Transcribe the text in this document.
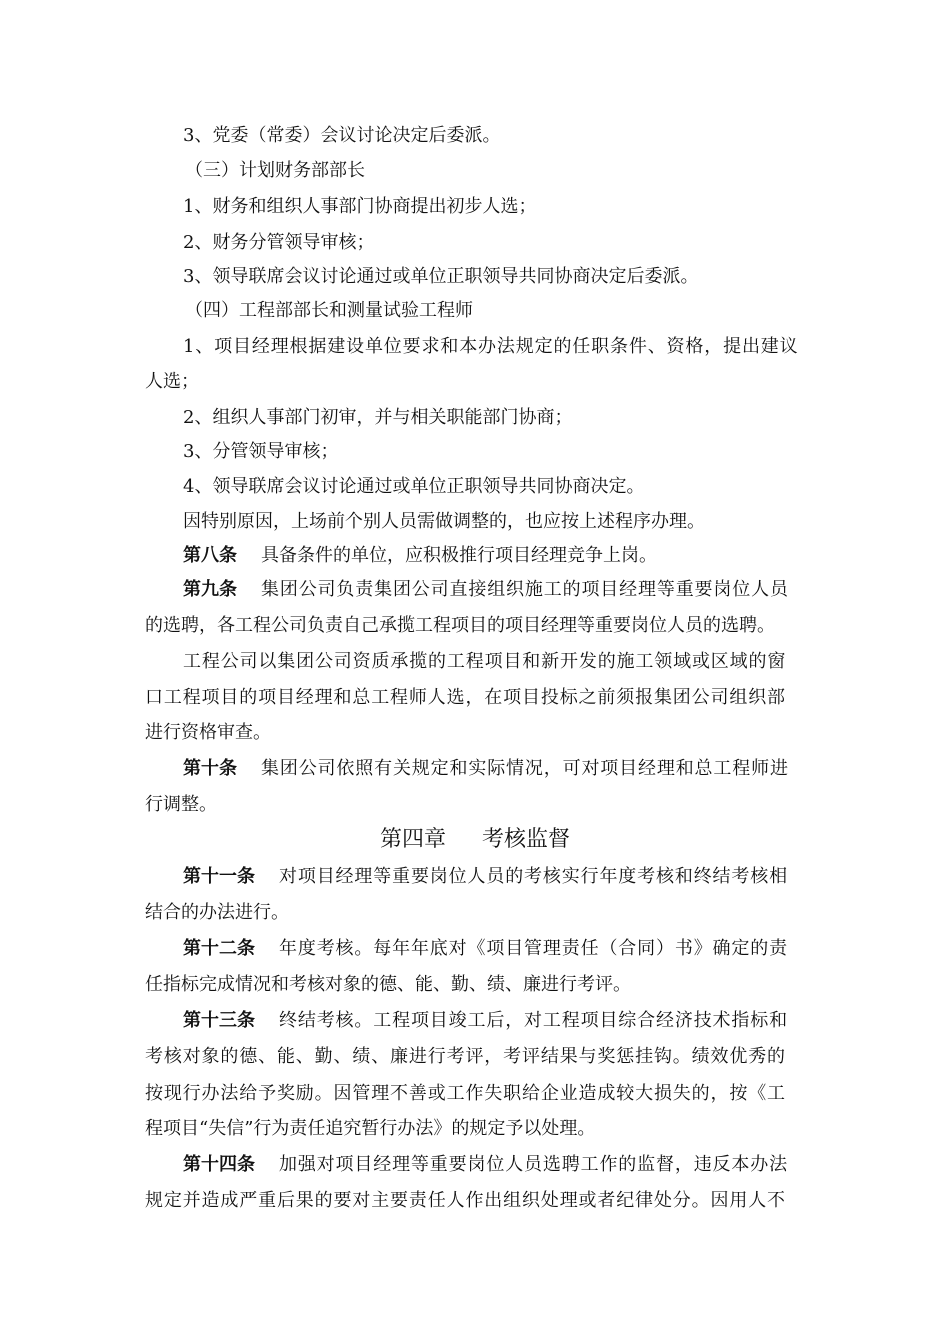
3、党委（常委）会议讨论决定后委派。
（三）计划财务部部长
1、财务和组织人事部门协商提出初步人选；
2、财务分管领导审核；
3、领导联席会议讨论通过或单位正职领导共同协商决定后委派。
（四）工程部部长和测量试验工程师
1、项目经理根据建设单位要求和本办法规定的任职条件、资格，提出建议
人选；
2、组织人事部门初审，并与相关职能部门协商；
3、分管领导审核；
4、领导联席会议讨论通过或单位正职领导共同协商决定。
因特别原因，上场前个别人员需做调整的，也应按上述程序办理。
第八条 具备条件的单位，应积极推行项目经理竞争上岗。
第九条 集团公司负责集团公司直接组织施工的项目经理等重要岗位人员
的选聘，各工程公司负责自己承揽工程项目的项目经理等重要岗位人员的选聘。
工程公司以集团公司资质承揽的工程项目和新开发的施工领域或区域的窗
口工程项目的项目经理和总工程师人选，在项目投标之前须报集团公司组织部
进行资格审查。
第十条 集团公司依照有关规定和实际情况，可对项目经理和总工程师进
行调整。
第四章 考核监督
第十一条 对项目经理等重要岗位人员的考核实行年度考核和终结考核相
结合的办法进行。
第十二条 年度考核。每年年底对《项目管理责任（合同）书》确定的责
任指标完成情况和考核对象的德、能、勤、绩、廉进行考评。
第十三条 终结考核。工程项目竣工后，对工程项目综合经济技术指标和
考核对象的德、能、勤、绩、廉进行考评，考评结果与奖惩挂钩。绩效优秀的
按现行办法给予奖励。因管理不善或工作失职给企业造成较大损失的，按《工
程项目“失信”行为责任追究暂行办法》的规定予以处理。
第十四条 加强对项目经理等重要岗位人员选聘工作的监督，违反本办法
规定并造成严重后果的要对主要责任人作出组织处理或者纪律处分。因用人不
